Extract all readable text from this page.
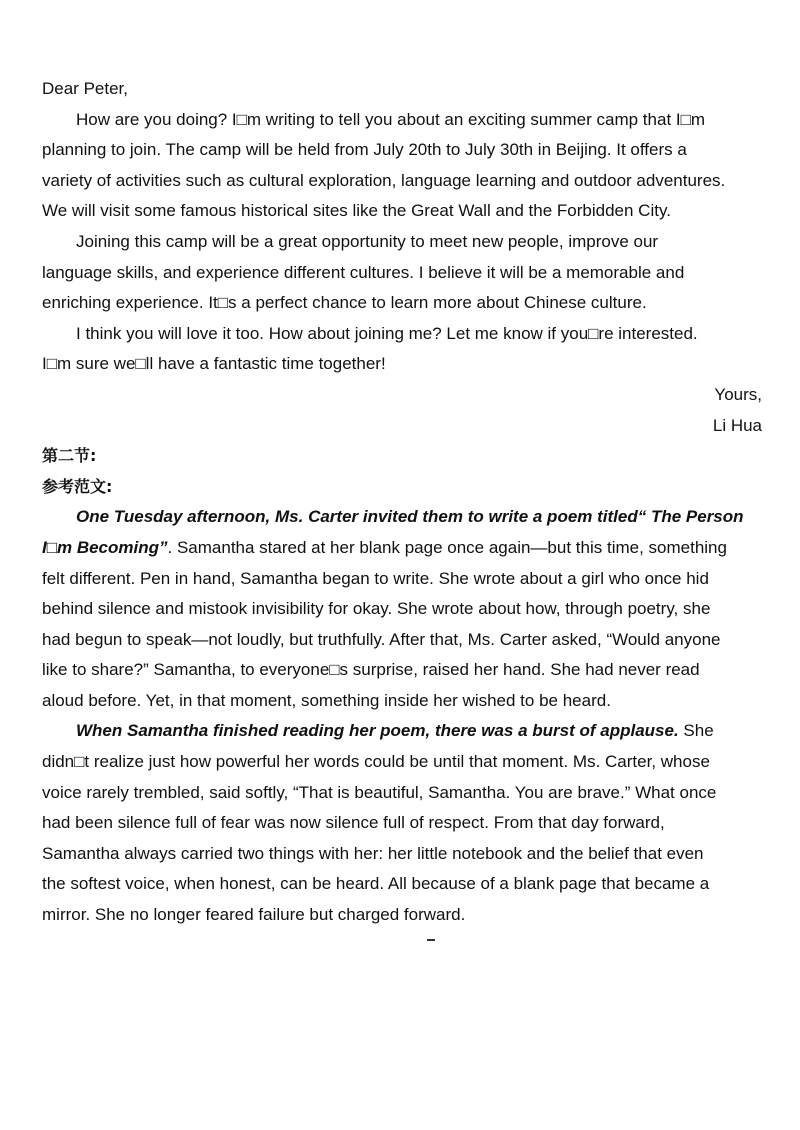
Dear Peter,
How are you doing? I□m writing to tell you about an exciting summer camp that I□m
planning to join. The camp will be held from July 20th to July 30th in Beijing. It offers a
variety of activities such as cultural exploration, language learning and outdoor adventures.
We will visit some famous historical sites like the Great Wall and the Forbidden City.
Joining this camp will be a great opportunity to meet new people, improve our
language skills, and experience different cultures. I believe it will be a memorable and
enriching experience. It□s a perfect chance to learn more about Chinese culture.
I think you will love it too. How about joining me? Let me know if you□re interested.
I□m sure we□ll have a fantastic time together!
Yours,
Li Hua
第二节:
参考范文:
One Tuesday afternoon, Ms. Carter invited them to write a poem titled“ The Person
I□m Becoming”. Samantha stared at her blank page once again—but this time, something
felt different. Pen in hand, Samantha began to write. She wrote about a girl who once hid
behind silence and mistook invisibility for okay. She wrote about how, through poetry, she
had begun to speak—not loudly, but truthfully. After that, Ms. Carter asked, “Would anyone
like to share?” Samantha, to everyone□s surprise, raised her hand. She had never read
aloud before. Yet, in that moment, something inside her wished to be heard.
When Samantha finished reading her poem, there was a burst of applause. She
didn□t realize just how powerful her words could be until that moment. Ms. Carter, whose
voice rarely trembled, said softly, “That is beautiful, Samantha. You are brave.” What once
had been silence full of fear was now silence full of respect. From that day forward,
Samantha always carried two things with her: her little notebook and the belief that even
the softest voice, when honest, can be heard. All because of a blank page that became a
mirror. She no longer feared failure but charged forward.
